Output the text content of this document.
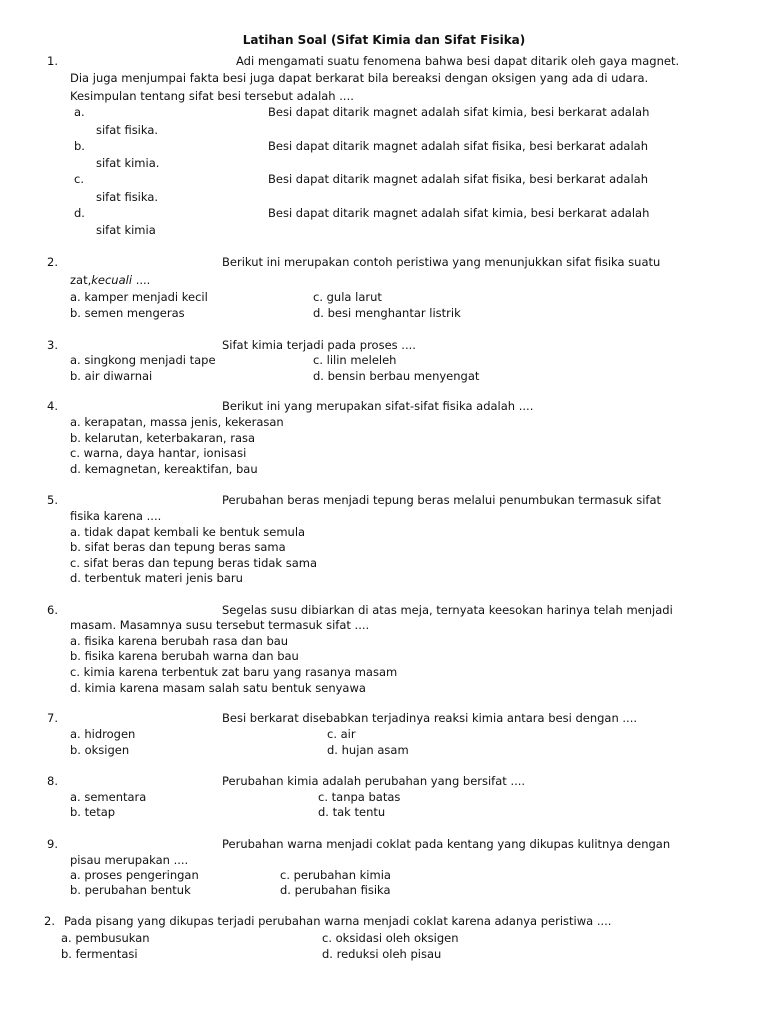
Latihan Soal (Sifat Kimia dan Sifat Fisika)
1.	Adi mengamati suatu fenomena bahwa besi dapat ditarik oleh gaya magnet.
Dia juga menjumpai fakta besi juga dapat berkarat bila bereaksi dengan oksigen yang ada di udara.
Kesimpulan tentang sifat besi tersebut adalah ....
a.	Besi dapat ditarik magnet adalah sifat kimia, besi berkarat adalah
sifat fisika.
b.	Besi dapat ditarik magnet adalah sifat fisika, besi berkarat adalah
sifat kimia.
c.	Besi dapat ditarik magnet adalah sifat fisika, besi berkarat adalah
sifat fisika.
d.	Besi dapat ditarik magnet adalah sifat kimia, besi berkarat adalah
sifat kimia
2.	Berikut ini merupakan contoh peristiwa yang menunjukkan sifat fisika suatu
zat,kecuali ....
a. kamper menjadi kecil	c. gula larut
b. semen mengeras	d. besi menghantar listrik
3.	Sifat kimia terjadi pada proses ....
a. singkong menjadi tape	c. lilin meleleh
b. air diwarnai	d. bensin berbau menyengat
4.	Berikut ini yang merupakan sifat-sifat fisika adalah ....
a. kerapatan, massa jenis, kekerasan
b. kelarutan, keterbakaran, rasa
c. warna, daya hantar, ionisasi
d. kemagnetan, kereaktifan, bau
5.	Perubahan beras menjadi tepung beras melalui penumbukan termasuk sifat
fisika karena ....
a. tidak dapat kembali ke bentuk semula
b. sifat beras dan tepung beras sama
c. sifat beras dan tepung beras tidak sama
d. terbentuk materi jenis baru
6.	Segelas susu dibiarkan di atas meja, ternyata keesokan harinya telah menjadi
masam. Masamnya susu tersebut termasuk sifat ....
a. fisika karena berubah rasa dan bau
b. fisika karena berubah warna dan bau
c. kimia karena terbentuk zat baru yang rasanya masam
d. kimia karena masam salah satu bentuk senyawa
7.	Besi berkarat disebabkan terjadinya reaksi kimia antara besi dengan ....
a. hidrogen	c. air
b. oksigen	d. hujan asam
8.	Perubahan kimia adalah perubahan yang bersifat ....
a. sementara	c. tanpa batas
b. tetap	d. tak tentu
9.	Perubahan warna menjadi coklat pada kentang yang dikupas kulitnya dengan
pisau merupakan ....
a. proses pengeringan	c. perubahan kimia
b. perubahan bentuk	d. perubahan fisika
2. Pada pisang yang dikupas terjadi perubahan warna menjadi coklat karena adanya peristiwa ....
a. pembusukan	c. oksidasi oleh oksigen
b. fermentasi	d. reduksi oleh pisau
